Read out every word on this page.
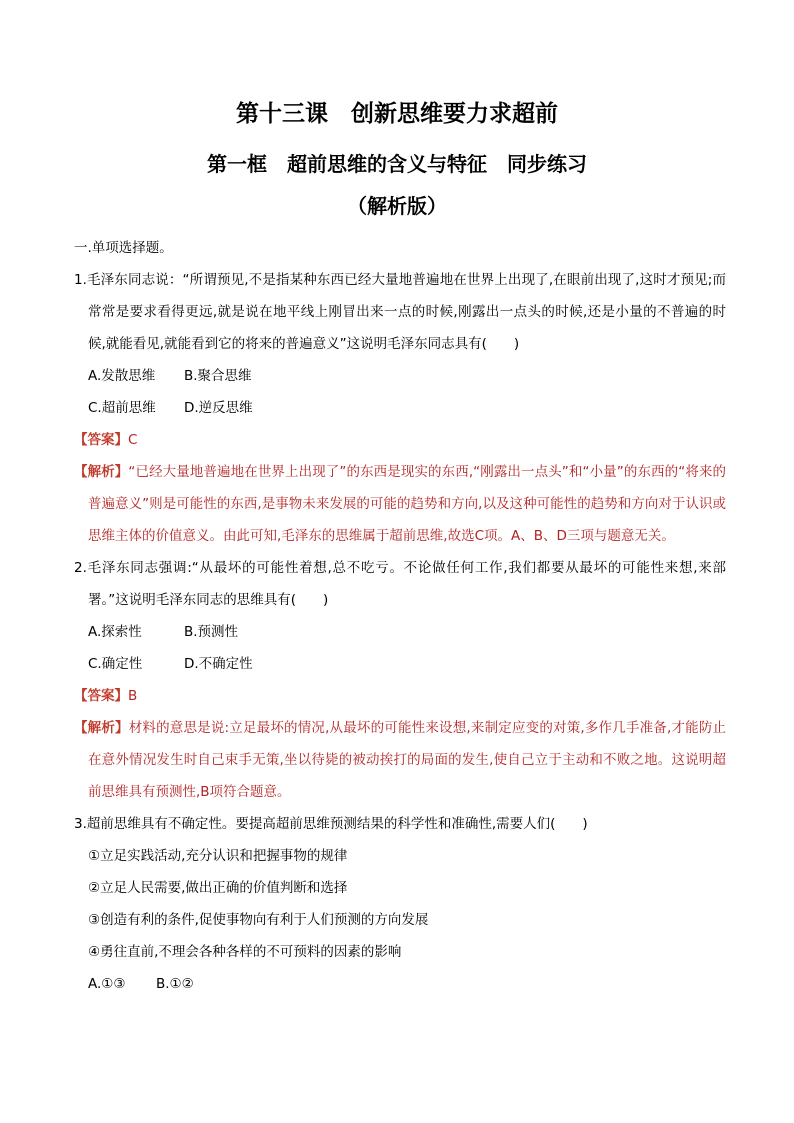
第十三课　创新思维要力求超前
第一框　超前思维的含义与特征　同步练习
（解析版）

一.单项选择题。

1.毛泽东同志说：“所谓预见,不是指某种东西已经大量地普遍地在世界上出现了,在眼前出现了,这时才预见;而常常是要求看得更远,就是说在地平线上刚冒出来一点的时候,刚露出一点头的时候,还是小量的不普遍的时候,就能看见,就能看到它的将来的普遍意义”这说明毛泽东同志具有(　　)

A.发散思维 B.聚合思维

C.超前思维 D.逆反思维

【答案】C

【解析】“已经大量地普遍地在世界上出现了”的东西是现实的东西,“刚露出一点头”和“小量”的东西的“将来的普遍意义”则是可能性的东西,是事物未来发展的可能的趋势和方向,以及这种可能性的趋势和方向对于认识或思维主体的价值意义。由此可知,毛泽东的思维属于超前思维,故选C项。A、B、D三项与题意无关。

2.毛泽东同志强调:“从最坏的可能性着想,总不吃亏。不论做任何工作,我们都要从最坏的可能性来想,来部署。”这说明毛泽东同志的思维具有(　　)

A.探索性	B.预测性

C.确定性	D.不确定性

【答案】B

【解析】材料的意思是说:立足最坏的情况,从最坏的可能性来设想,来制定应变的对策,多作几手准备,才能防止在意外情况发生时自己束手无策,坐以待毙的被动挨打的局面的发生,使自己立于主动和不败之地。这说明超前思维具有预测性,B项符合题意。

3.超前思维具有不确定性。要提高超前思维预测结果的科学性和准确性,需要人们(　　)

①立足实践活动,充分认识和把握事物的规律

②立足人民需要,做出正确的价值判断和选择

③创造有利的条件,促使事物向有利于人们预测的方向发展

④勇往直前,不理会各种各样的不可预料的因素的影响

A.①③ B.①②
